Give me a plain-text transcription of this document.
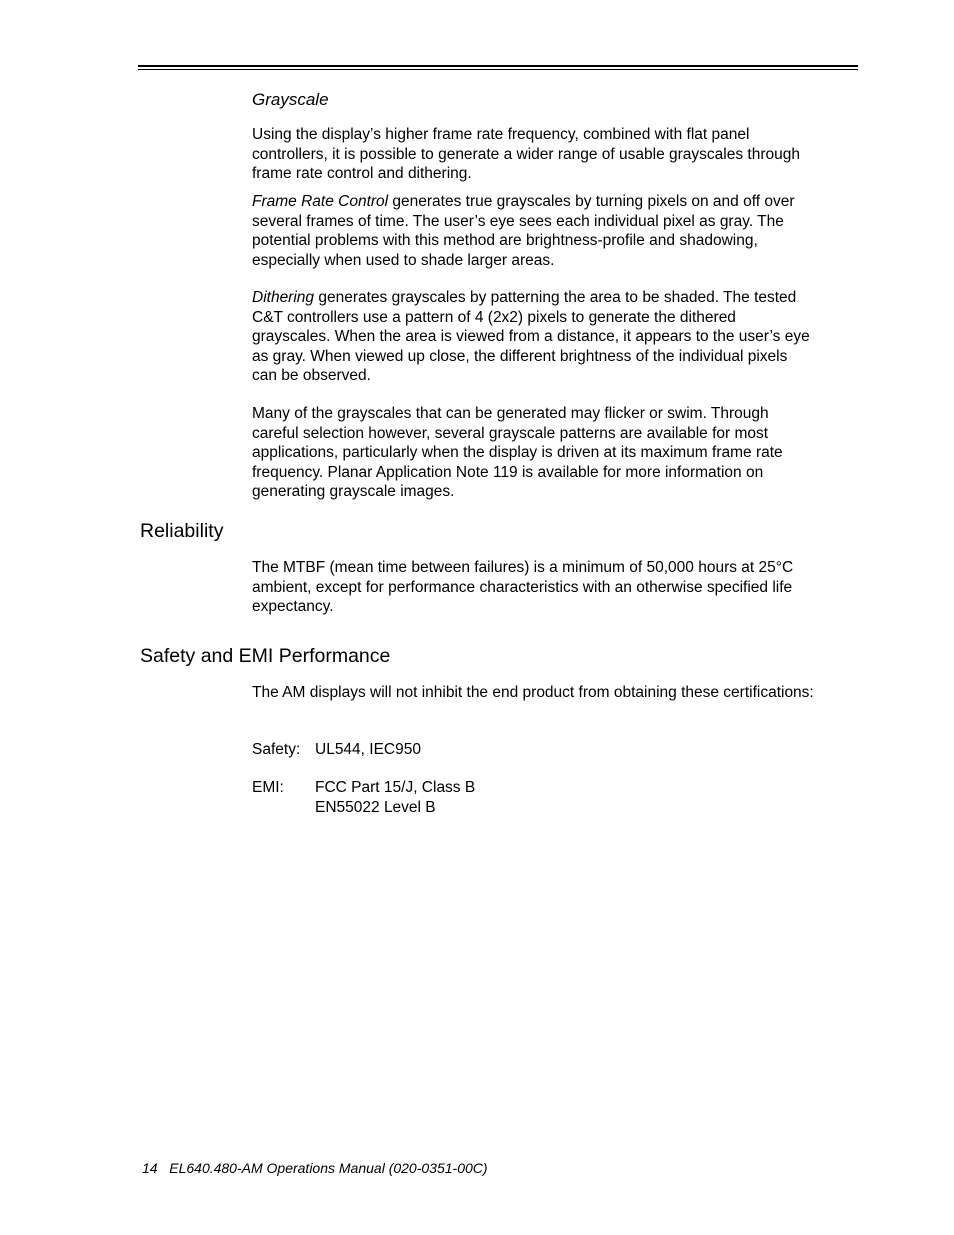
Grayscale

Using the display’s higher frame rate frequency, combined with flat panel controllers, it is possible to generate a wider range of usable grayscales through frame rate control and dithering.

Frame Rate Control generates true grayscales by turning pixels on and off over several frames of time. The user’s eye sees each individual pixel as gray. The potential problems with this method are brightness-profile and shadowing, especially when used to shade larger areas.

Dithering generates grayscales by patterning the area to be shaded. The tested C&T controllers use a pattern of 4 (2x2) pixels to generate the dithered grayscales. When the area is viewed from a distance, it appears to the user’s eye as gray. When viewed up close, the different brightness of the individual pixels can be observed.

Many of the grayscales that can be generated may flicker or swim. Through careful selection however, several grayscale patterns are available for most applications, particularly when the display is driven at its maximum frame rate frequency. Planar Application Note 119 is available for more information on generating grayscale images.

Reliability

The MTBF (mean time between failures) is a minimum of 50,000 hours at 25°C ambient, except for performance characteristics with an otherwise specified life expectancy.

Safety and EMI Performance

The AM displays will not inhibit the end product from obtaining these certifications:

Safety: UL544, IEC950
EMI:	FCC Part 15/J, Class B
EN55022 Level B
14   EL640.480-AM Operations Manual (020-0351-00C)
